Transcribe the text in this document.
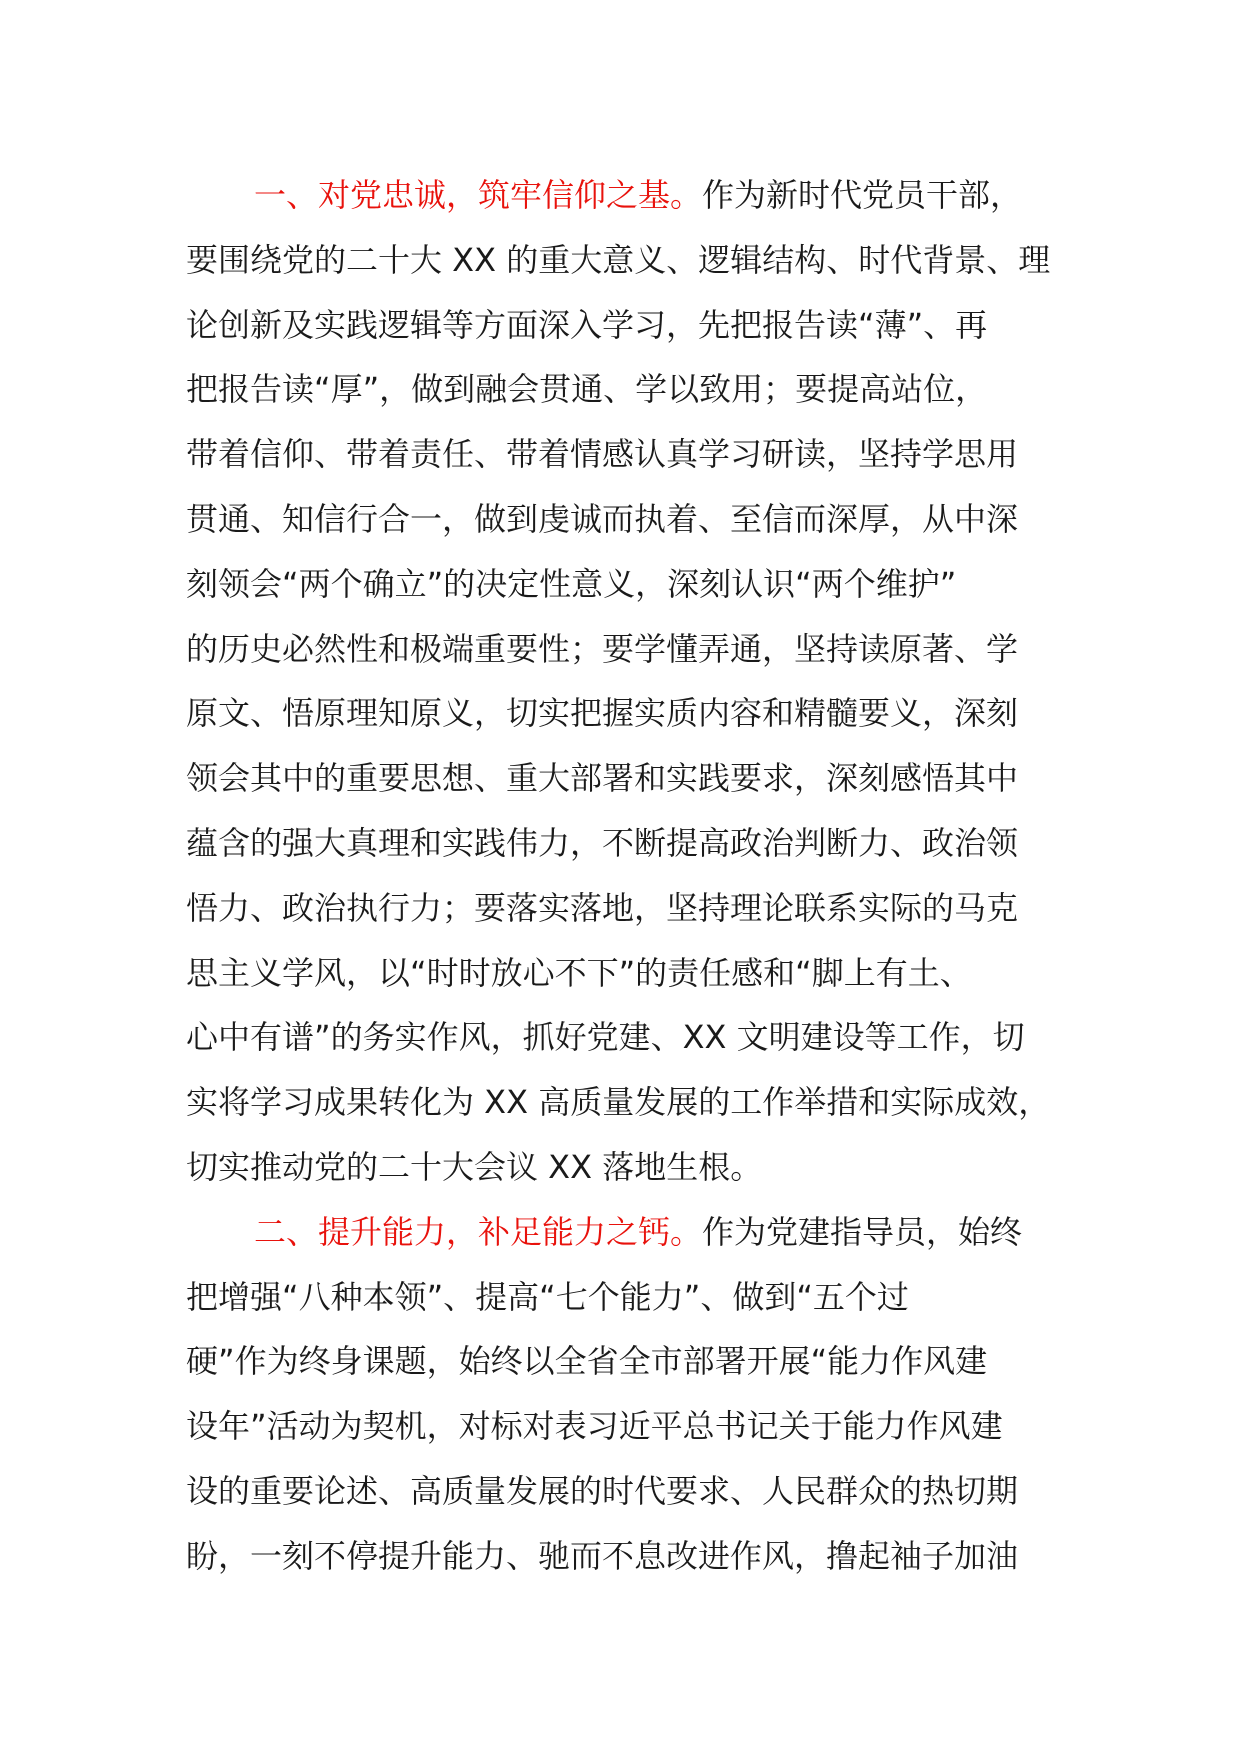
一、对党忠诚，筑牢信仰之基。作为新时代党员干部，
要围绕党的二十大 XX 的重大意义、逻辑结构、时代背景、理
论创新及实践逻辑等方面深入学习，先把报告读“薄”、再
把报告读“厚”，做到融会贯通、学以致用；要提高站位，
带着信仰、带着责任、带着情感认真学习研读，坚持学思用
贯通、知信行合一，做到虔诚而执着、至信而深厚，从中深
刻领会“两个确立”的决定性意义，深刻认识“两个维护”
的历史必然性和极端重要性；要学懂弄通，坚持读原著、学
原文、悟原理知原义，切实把握实质内容和精髓要义，深刻
领会其中的重要思想、重大部署和实践要求，深刻感悟其中
蕴含的强大真理和实践伟力，不断提高政治判断力、政治领
悟力、政治执行力；要落实落地，坚持理论联系实际的马克
思主义学风，以“时时放心不下”的责任感和“脚上有土、
心中有谱”的务实作风，抓好党建、XX 文明建设等工作，切
实将学习成果转化为 XX 高质量发展的工作举措和实际成效，
切实推动党的二十大会议 XX 落地生根。
二、提升能力，补足能力之钙。作为党建指导员，始终
把增强“八种本领”、提高“七个能力”、做到“五个过
硬”作为终身课题，始终以全省全市部署开展“能力作风建
设年”活动为契机，对标对表习近平总书记关于能力作风建
设的重要论述、高质量发展的时代要求、人民群众的热切期
盼，一刻不停提升能力、驰而不息改进作风，撸起袖子加油
